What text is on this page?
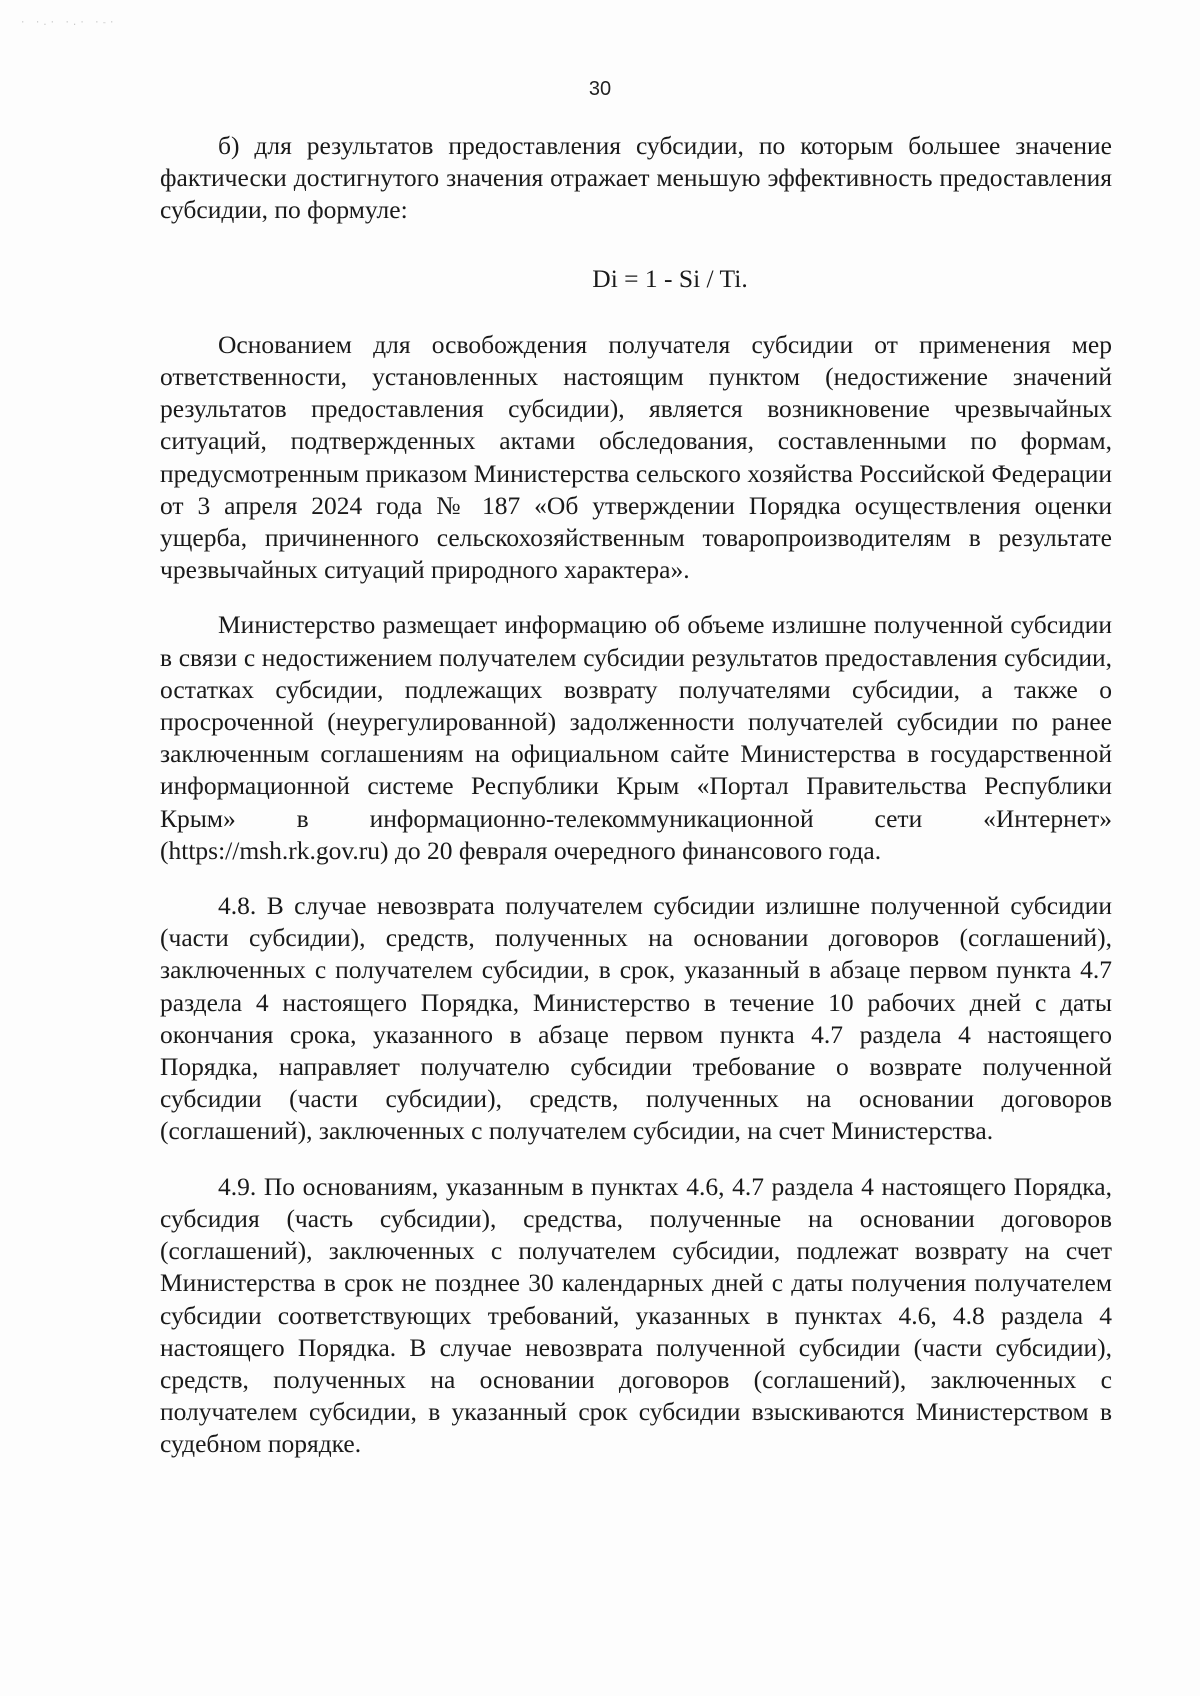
· ·.· ·.· ·-·
30

б) для результатов предоставления субсидии, по которым большее значение фактически достигнутого значения отражает меньшую эффективность предоставления субсидии, по формуле:

Di = 1 - Si / Ti.

Основанием для освобождения получателя субсидии от применения мер ответственности, установленных настоящим пунктом (недостижение значений результатов предоставления субсидии), является возникновение чрезвычайных ситуаций, подтвержденных актами обследования, составленными по формам, предусмотренным приказом Министерства сельского хозяйства Российской Федерации от 3 апреля 2024 года № 187 «Об утверждении Порядка осуществления оценки ущерба, причиненного сельскохозяйственным товаропроизводителям в результате чрезвычайных ситуаций природного характера».

Министерство размещает информацию об объеме излишне полученной субсидии в связи с недостижением получателем субсидии результатов предоставления субсидии, остатках субсидии, подлежащих возврату получателями субсидии, а также о просроченной (неурегулированной) задолженности получателей субсидии по ранее заключенным соглашениям на официальном сайте Министерства в государственной информационной системе Республики Крым «Портал Правительства Республики Крым» в информационно-телекоммуникационной сети «Интернет» (https://msh.rk.gov.ru) до 20 февраля очередного финансового года.

4.8. В случае невозврата получателем субсидии излишне полученной субсидии (части субсидии), средств, полученных на основании договоров (соглашений), заключенных с получателем субсидии, в срок, указанный в абзаце первом пункта 4.7 раздела 4 настоящего Порядка, Министерство в течение 10 рабочих дней с даты окончания срока, указанного в абзаце первом пункта 4.7 раздела 4 настоящего Порядка, направляет получателю субсидии требование о возврате полученной субсидии (части субсидии), средств, полученных на основании договоров (соглашений), заключенных с получателем субсидии, на счет Министерства.

4.9. По основаниям, указанным в пунктах 4.6, 4.7 раздела 4 настоящего Порядка, субсидия (часть субсидии), средства, полученные на основании договоров (соглашений), заключенных с получателем субсидии, подлежат возврату на счет Министерства в срок не позднее 30 календарных дней с даты получения получателем субсидии соответствующих требований, указанных в пунктах 4.6, 4.8 раздела 4 настоящего Порядка. В случае невозврата полученной субсидии (части субсидии), средств, полученных на основании договоров (соглашений), заключенных с получателем субсидии, в указанный срок субсидии взыскиваются Министерством в судебном порядке.
